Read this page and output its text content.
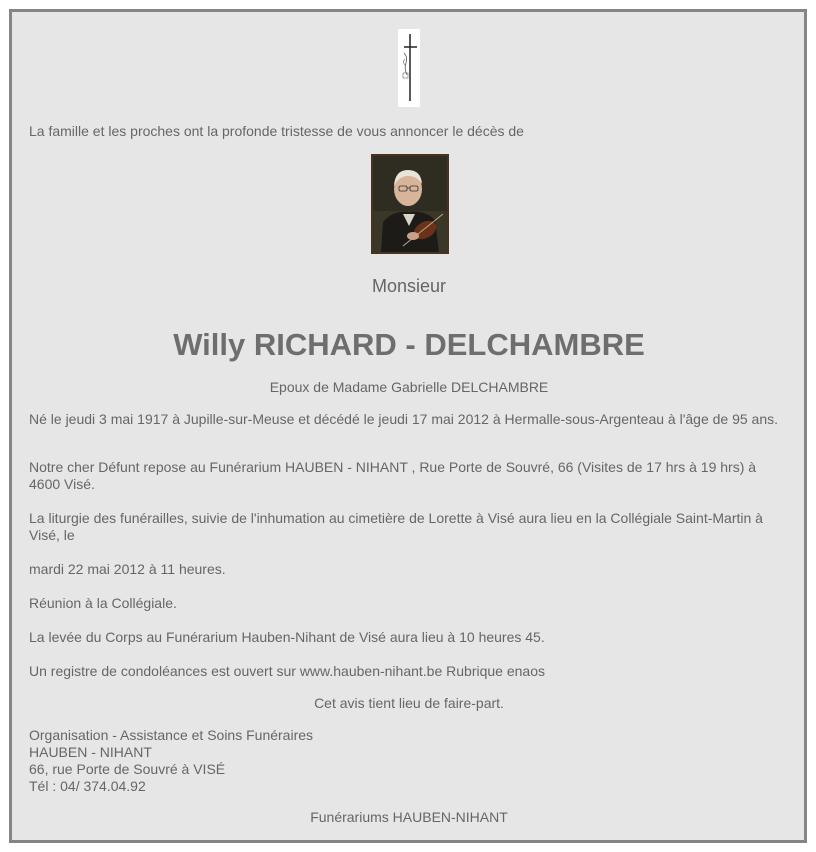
La famille et les proches ont la profonde tristesse de vous annoncer le décès de
Monsieur
Willy RICHARD - DELCHAMBRE
Epoux de Madame Gabrielle DELCHAMBRE
Né le jeudi 3 mai 1917 à Jupille-sur-Meuse et décédé le jeudi 17 mai 2012 à Hermalle-sous-Argenteau à l'âge de 95 ans.
Notre cher Défunt repose au Funérarium HAUBEN - NIHANT , Rue Porte de Souvré, 66 (Visites de 17 hrs à 19 hrs) à 4600 Visé.
La liturgie des funérailles, suivie de l'inhumation au cimetière de Lorette à Visé aura lieu en la Collégiale Saint-Martin à Visé, le
mardi 22 mai 2012 à 11 heures.
Réunion à la Collégiale.
La levée du Corps au Funérarium Hauben-Nihant de Visé aura lieu à 10 heures 45.
Un registre de condoléances est ouvert sur www.hauben-nihant.be Rubrique enaos
Cet avis tient lieu de faire-part.
Organisation - Assistance et Soins Funéraires
HAUBEN - NIHANT
66, rue Porte de Souvré à VISÉ
Tél : 04/ 374.04.92
Funérariums HAUBEN-NIHANT
